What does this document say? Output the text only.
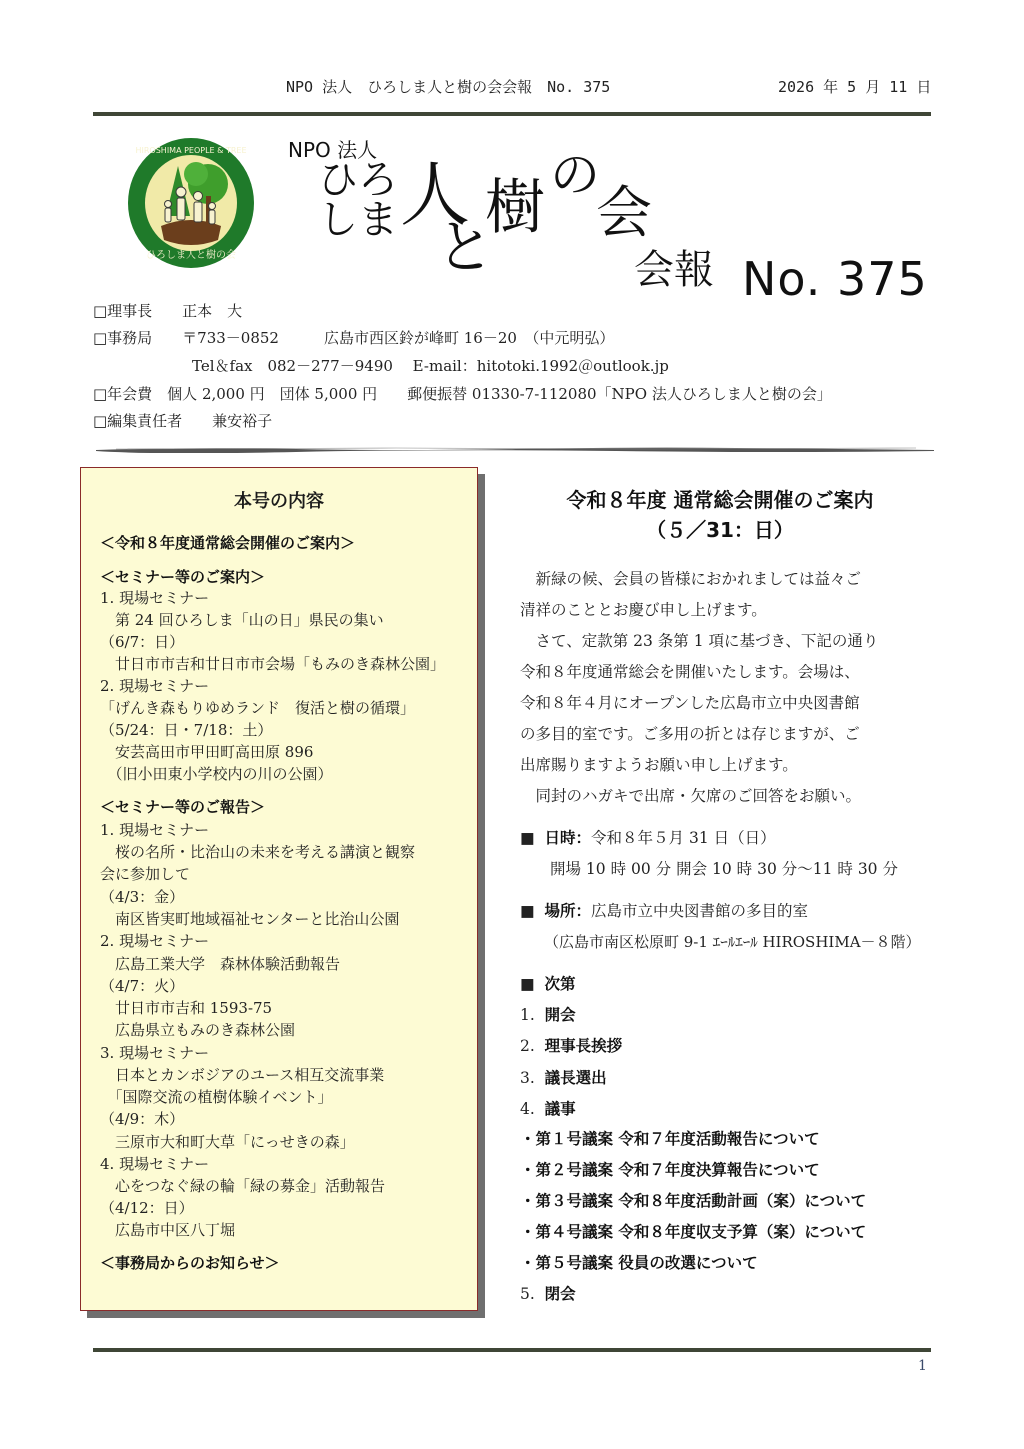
NPO 法人　ひろしま人と樹の会会報　No. 375	2026 年 5 月 11 日
ひろしま人と樹の会
HIROSHIMA PEOPLE & TREE NPO 法人
ひろ
しま 人
と
樹 の
会
会報 No. 375
□理事長　　正本　大
□事務局　　〒733－0852　　　広島市西区鈴が峰町 16－20　（中元明弘）
Tel＆fax　082－277－9490　 E-mail：hitotoki.1992＠outlook.jp
□年会費　個人 2,000 円　団体 5,000 円　　郵便振替 01330-7-112080「NPO 法人ひろしま人と樹の会」
□編集責任者　　兼安裕子
本号の内容
＜令和８年度通常総会開催のご案内＞
＜セミナー等のご案内＞
1. 現場セミナー
　第 24 回ひろしま「山の日」県民の集い
（6/7：日）
　廿日市市吉和廿日市市会場「もみのき森林公園」
2. 現場セミナー
「げんき森もりゆめランド　復活と樹の循環」
（5/24：日・7/18：土）
　安芸高田市甲田町高田原 896
　（旧小田東小学校内の川の公園）
＜セミナー等のご報告＞
1. 現場セミナー
　桜の名所・比治山の未来を考える講演と観察
会に参加して
（4/3：金）
　南区皆実町地域福祉センターと比治山公園
2. 現場セミナー
　広島工業大学　森林体験活動報告
（4/7：火）
　廿日市市吉和 1593-75
　広島県立もみのき森林公園
3. 現場セミナー
　日本とカンボジアのユース相互交流事業
　「国際交流の植樹体験イベント」
（4/9：木）
　三原市大和町大草「にっせきの森」
4. 現場セミナー
　心をつなぐ緑の輪「緑の募金」活動報告
（4/12：日）
　広島市中区八丁堀
＜事務局からのお知らせ＞
令和８年度 通常総会開催のご案内
（５／31：日）
　新緑の候、会員の皆様におかれましては益々ご
清祥のこととお慶び申し上げます。
　さて、定款第 23 条第 1 項に基づき、下記の通り
令和８年度通常総会を開催いたします。会場は、
令和８年４月にオープンした広島市立中央図書館
の多目的室です。ご多用の折とは存じますが、ご
出席賜りますようお願い申し上げます。
　同封のハガキで出席・欠席のご回答をお願い。
■ 日時：令和８年５月 31 日（日）
開場 10 時 00 分 開会 10 時 30 分～11 時 30 分
■ 場所：広島市立中央図書館の多目的室
（広島市南区松原町 9-1 ｴｰﾙｴｰﾙ HIROSHIMA－８階）
■ 次第
1. 開会
2. 理事長挨拶
3. 議長選出
4. 議事
・第１号議案 令和７年度活動報告について
・第２号議案 令和７年度決算報告について
・第３号議案 令和８年度活動計画（案）について
・第４号議案 令和８年度収支予算（案）について
・第５号議案 役員の改選について
5. 閉会
1
